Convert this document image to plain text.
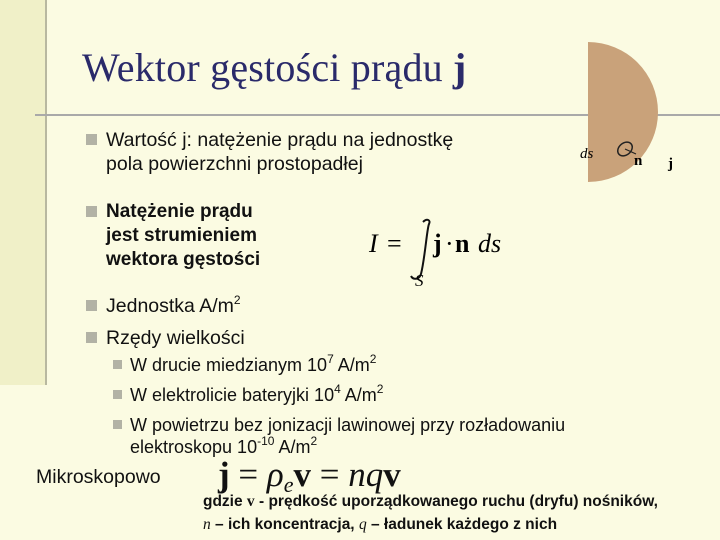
Wektor gęstości prądu j
ds	n j
Wartość j: natężenie prądu na jednostkę
pola powierzchni prostopadłej
Natężenie prądu
jest strumieniem
wektora gęstości
I = j · n ds
S
Jednostka $A/m^2$
Rzędy wielkości
W drucie miedzianym $10^7$ $A/m^2$
W elektrolicie bateryjki $10^4$ $A/m^2$
W powietrzu bez jonizacji lawinowej przy rozładowaniu
elektroskopu $10^{-10}$ $A/m^2$
Mikroskopowo j = ρev = nqv
gdzie v - prędkość uporządkowanego ruchu (dryfu) nośników,
n – ich koncentracja, q – ładunek każdego z nich
